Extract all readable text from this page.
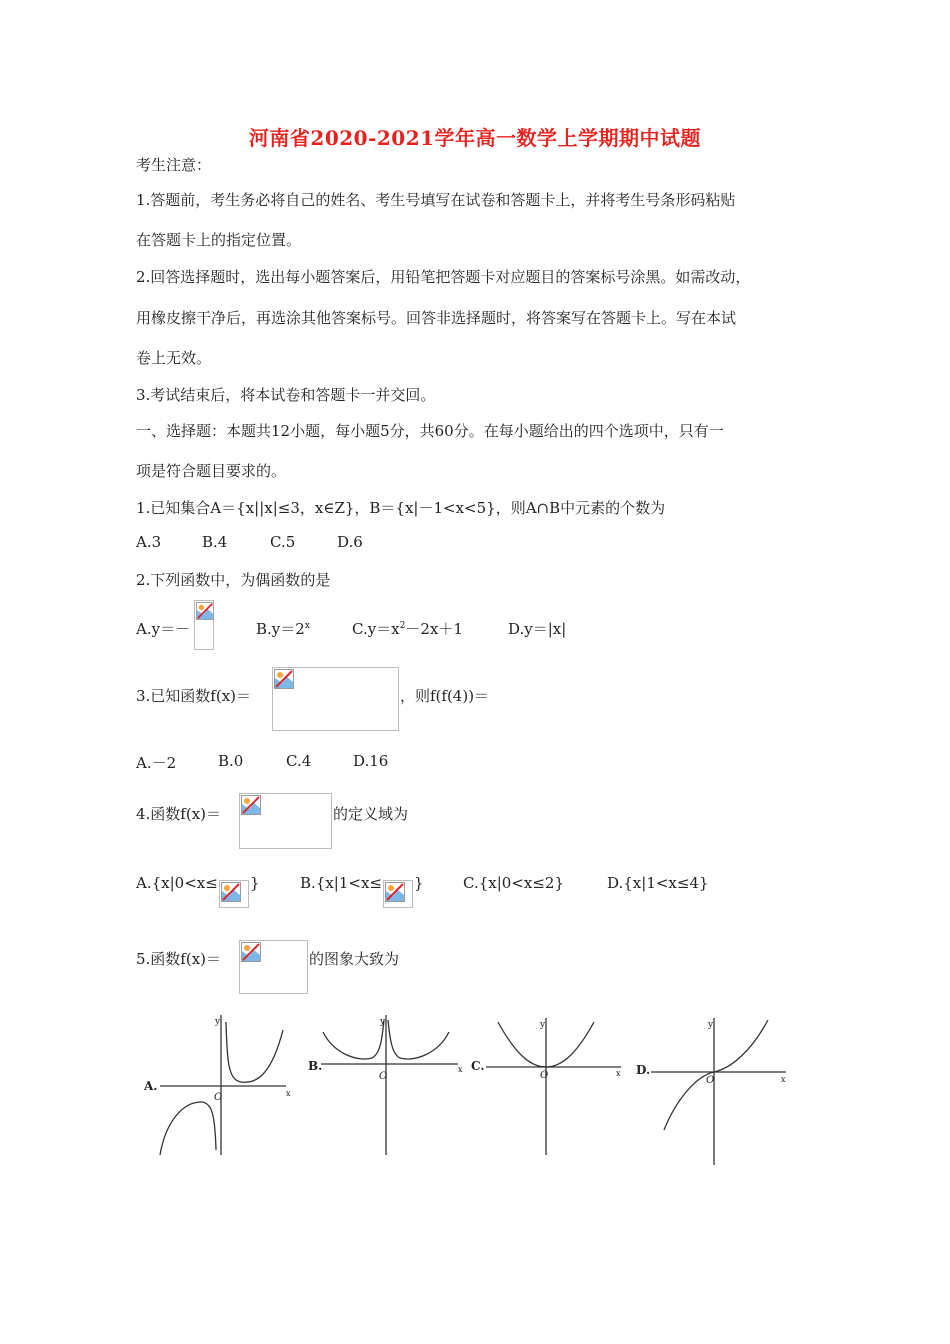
河南省2020-2021学年高一数学上学期期中试题
考生注意：
1.答题前，考生务必将自己的姓名、考生号填写在试卷和答题卡上，并将考生号条形码粘贴
在答题卡上的指定位置。
2.回答选择题时，选出每小题答案后，用铅笔把答题卡对应题目的答案标号涂黑。如需改动，
用橡皮擦干净后，再选涂其他答案标号。回答非选择题时，将答案写在答题卡上。写在本试
卷上无效。
3.考试结束后，将本试卷和答题卡一并交回。
一、选择题：本题共12小题，每小题5分，共60分。在每小题给出的四个选项中，只有一
项是符合题目要求的。
1.已知集合A＝{x||x|≤3，x∈Z}，B＝{x|－1<x<5}，则A∩B中元素的个数为
A.3	B.4	C.5	D.6
2.下列函数中，为偶函数的是
A.y＝－	$B.y=2^x$	$C.y=x^2-2x+1$	D.y＝|x|
3.已知函数f(x)＝	，则f(f(4))＝
A.－2	B.0	C.4	D.16
4.函数f(x)＝	的定义域为
A.{x|0<x≤ }	B.{x|1<x≤ }	C.{x|0<x≤2}	D.{x|1<x≤4}
5.函数f(x)＝	的图象大致为
A.
y
x
O
B.
y
x
O
C.
y
x
O	D.
y
x
O
